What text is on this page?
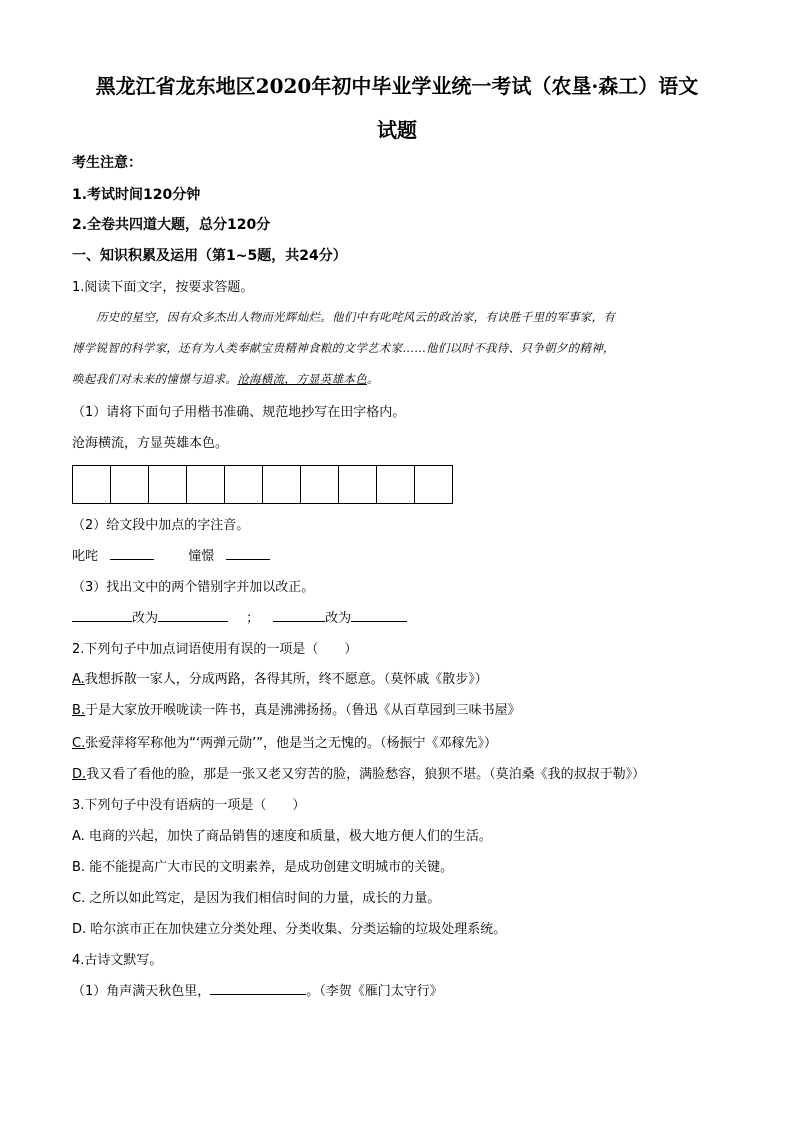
黑龙江省龙东地区2020年初中毕业学业统一考试（农垦·森工）语文
试题
考生注意：
1.考试时间120分钟
2.全卷共四道大题，总分120分
一、知识积累及运用（第1~5题，共24分）
1.阅读下面文字，按要求答题。
历史的星空，因有众多杰出人物而光辉灿烂。他们中有叱咤风云的政治家，有诀胜千里的军事家，有
博学锐智的科学家，还有为人类奉献宝贵精神食粮的文学艺术家……他们以时不我待、只争朝夕的精神，
唤起我们对未来的憧憬与追求。沧海横流，方显英雄本色。
（1）请将下面句子用楷书准确、规范地抄写在田字格内。
沧海横流，方显英雄本色。
（2）给文段中加点的字注音。
叱咤	憧憬
（3）找出文中的两个错别字并加以改正。
改为	；	改为
2.下列句子中加点词语使用有误的一项是（　　）
A.我想拆散一家人，分成两路，各得其所，终不愿意。（莫怀戚《散步》）
B.于是大家放开喉咙读一阵书，真是沸沸扬扬。（鲁迅《从百草园到三味书屋》
C.张爱萍将军称他为“‘两弹元勋’”，他是当之无愧的。（杨振宁《邓稼先》）
D.我又看了看他的脸，那是一张又老又穷苦的脸，满脸愁容，狼狈不堪。（莫泊桑《我的叔叔于勒》）
3.下列句子中没有语病的一项是（　　）
A. 电商的兴起，加快了商品销售的速度和质量，极大地方便人们的生活。
B. 能不能提高广大市民的文明素养，是成功创建文明城市的关键。
C. 之所以如此笃定，是因为我们相信时间的力量，成长的力量。
D. 哈尔滨市正在加快建立分类处理、分类收集、分类运输的垃圾处理系统。
4.古诗文默写。
（1）角声满天秋色里，	。（李贺《雁门太守行》
